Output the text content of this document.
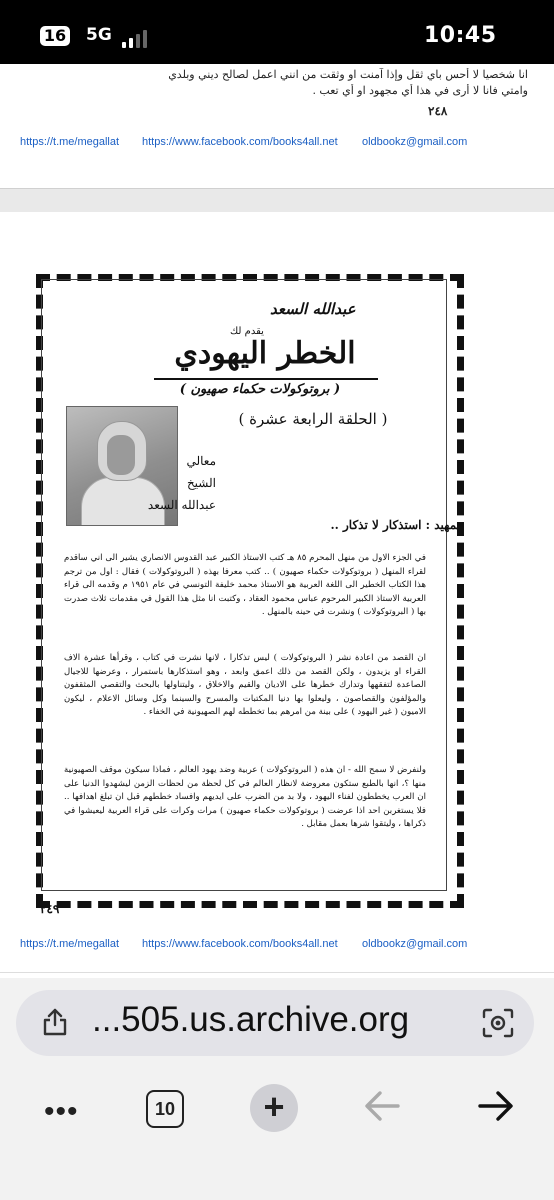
16 5G	10:45
انا شخصيا لا أحس باي ثقل وإذا آمنت او وثقت من انني اعمل لصالح ديني وبلدي
وامتي فانا لا أرى في هذا أي مجهود او أي تعب .
٢٤٨
https://t.me/megallat https://www.facebook.com/books4all.net oldbookz@gmail.com
عبدالله السعد
يقدم لك
الخطر اليهودي
( بروتوكولات حكماء صهيون )
( الحلقة الرابعة عشرة )
معالي
الشيخ
عبدالله السعد
تمهيد : استذكار لا تذكار ..
في الجزء الاول من منهل المحرم ٨٥ هـ كتب الاستاذ الكبير عبد القدوس الانصاري يشير الى اني ساقدم لقراء المنهل ( بروتوكولات حكماء صهيون ) .. كتب معرفا بهذه ( البروتوكولات ) فقال : اول من ترجم هذا الكتاب الخطير الى اللغة العربية هو الاستاذ محمد خليفة التونسي في عام ١٩٥١ م وقدمه الى قراء العربية الاستاذ الكبير المرحوم عباس محمود العقاد ، وكتبت انا مثل هذا القول في مقدمات ثلاث صدرت بها ( البروتوكولات ) ونشرت في حينه بالمنهل .
ان القصد من اعادة نشر ( البروتوكولات ) ليس تذكارا ، لانها نشرت في كتاب ، وقرأها عشرة الاف القراء او يزيدون ، ولكن القصد من ذلك اعمق وابعد ، وهو استذكارها باستمرار ، وعرضها للاجيال الصاعدة لتفقهها وتدارك خطرها على الاديان والقيم والاخلاق ، وليتناولها بالبحث والتقصي المثقفون والمؤلفون والقصاصون ، وليعلوا بها دنيا المكتبات والمسرح والسينما وكل وسائل الاعلام ، ليكون الاميون ( غير اليهود ) على بينة من امرهم بما تخططه لهم الصهيونية في الخفاء .
ولنفرض لا سمح الله - ان هذه ( البروتوكولات ) عربية وضد يهود العالم ، فماذا سيكون موقف الصهيونية منها ؟، انها بالطبع ستكون معروضة لانظار العالم في كل لحظة من لحظات الزمن ليشهدوا الدنيا على ان العرب يخططون لفناء اليهود ، ولا بد من الضرب على ايديهم وافساد خططهم قبل ان تبلغ اهدافها .. فلا يستغربن احد اذا عرضت ( بروتوكولات حكماء صهيون ) مرات وكرات على قراء العربية ليعيشوا في ذكراها ، وليتقوا شرها بعمل مقابل .
٢٤٩
https://t.me/megallat https://www.facebook.com/books4all.net oldbookz@gmail.com
...505.us.archive.org
•••	10	+
